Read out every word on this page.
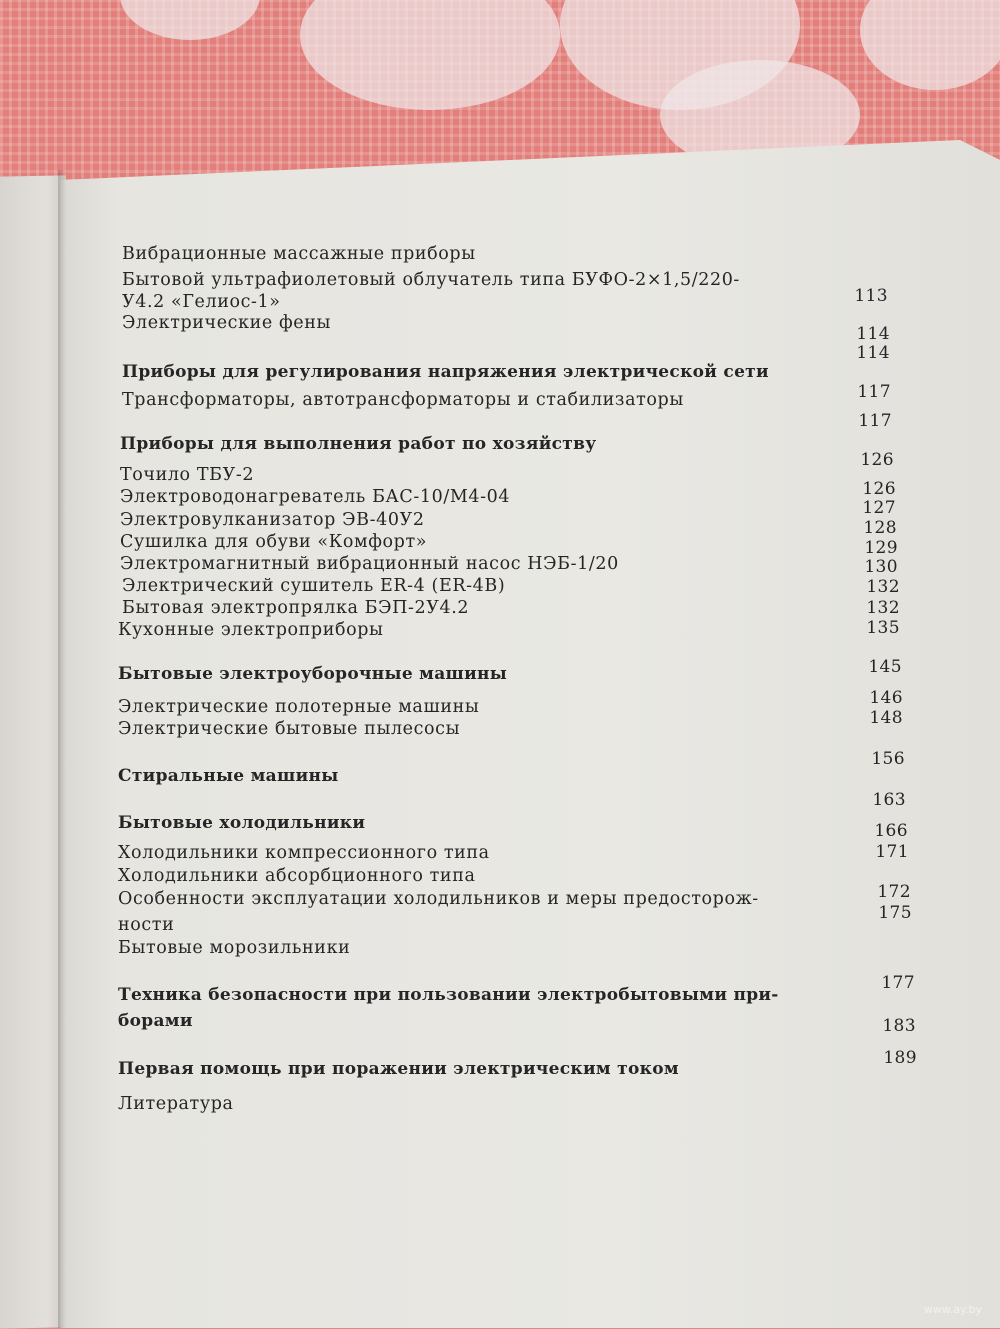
Вибрационные массажные приборы
Бытовой ультрафиолетовый облучатель типа БУФО-2×1,5/220-
У4.2 «Гелиос-1»
Электрические фены
Приборы для регулирования напряжения электрической сети
Трансформаторы, автотрансформаторы и стабилизаторы
Приборы для выполнения работ по хозяйству
Точило ТБУ-2
Электроводонагреватель БАС-10/М4-04
Электровулканизатор ЭВ-40У2
Сушилка для обуви «Комфорт»
Электромагнитный вибрационный насос НЭБ-1/20
Электрический сушитель ER-4 (ER-4B)
Бытовая электропрялка БЭП-2У4.2
Кухонные электроприборы
Бытовые электроуборочные машины
Электрические полотерные машины
Электрические бытовые пылесосы
Стиральные машины
Бытовые холодильники
Холодильники компрессионного типа
Холодильники абсорбционного типа
Особенности эксплуатации холодильников и меры предосторож-
ности
Бытовые морозильники
Техника безопасности при пользовании электробытовыми при-
борами
Первая помощь при поражении электрическим током
Литература
113
114
114
117
117
126
126
127
128
129
130
132
132
135
145
146
148
156
163
166
171
172
175
177
183
189
www.ay.by
